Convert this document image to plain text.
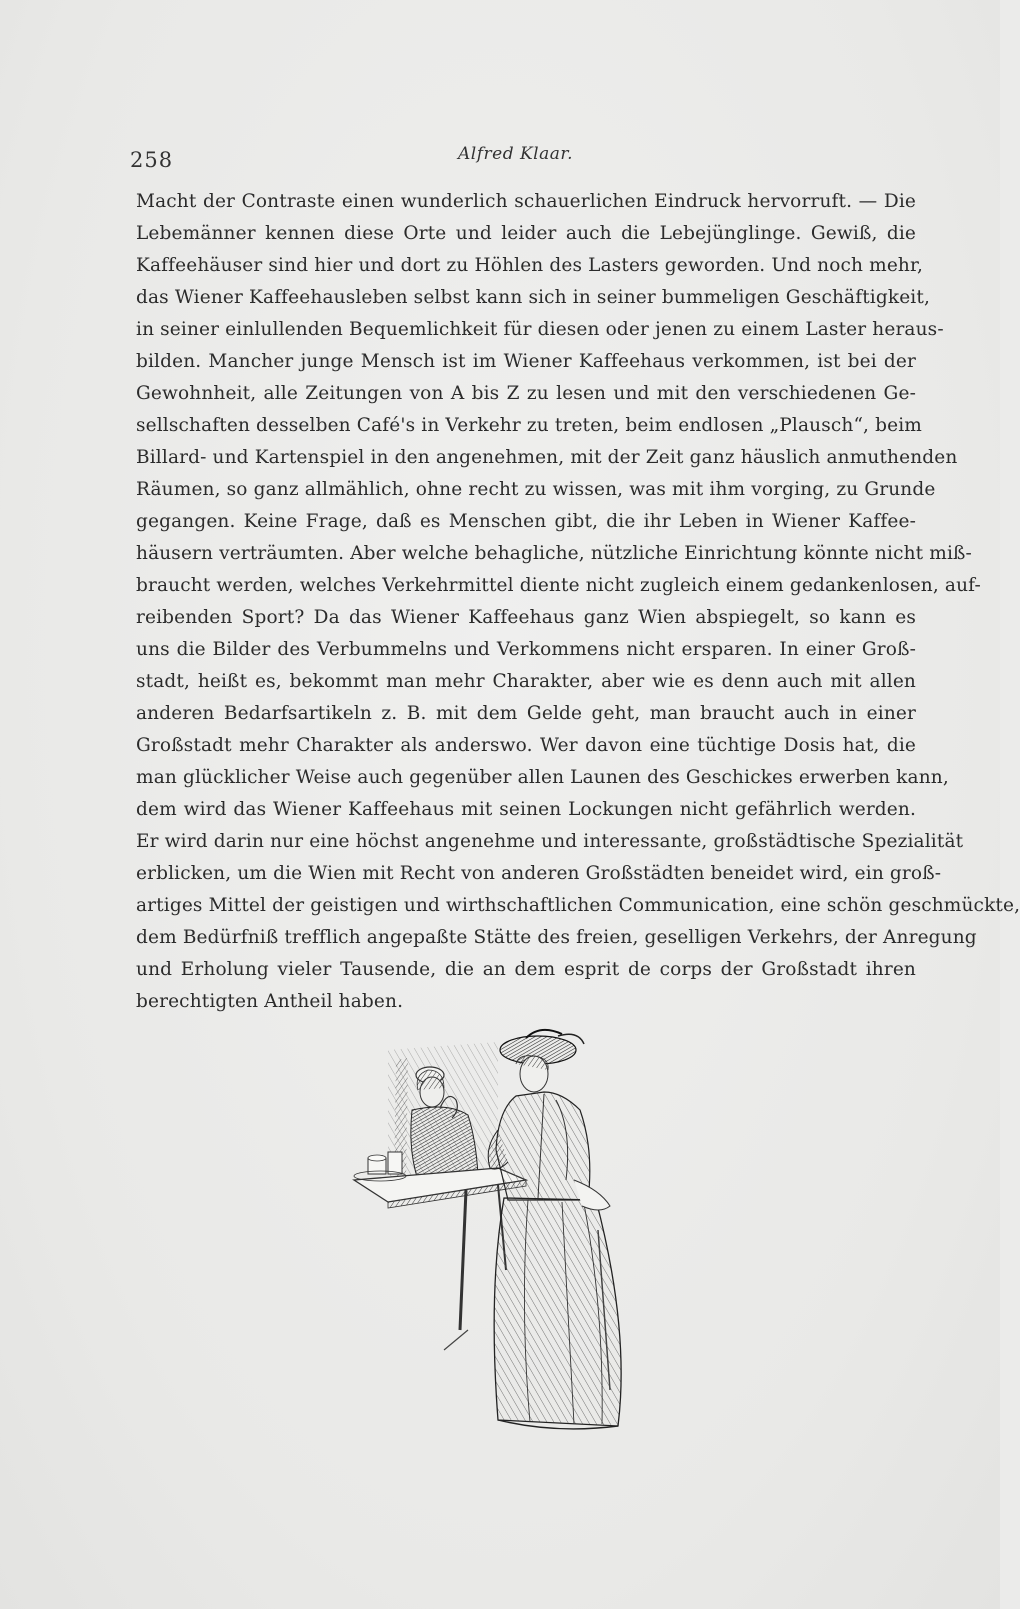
258	Alfred Klaar.
Macht der Contraste einen wunderlich schauerlichen Eindruck hervorruft. — Die
Lebemänner kennen diese Orte und leider auch die Lebejünglinge. Gewiß, die
Kaffeehäuser sind hier und dort zu Höhlen des Lasters geworden. Und noch mehr,
das Wiener Kaffeehausleben selbst kann sich in seiner bummeligen Geschäftigkeit,
in seiner einlullenden Bequemlichkeit für diesen oder jenen zu einem Laster heraus-
bilden. Mancher junge Mensch ist im Wiener Kaffeehaus verkommen, ist bei der
Gewohnheit, alle Zeitungen von A bis Z zu lesen und mit den verschiedenen Ge-
sellschaften desselben Café's in Verkehr zu treten, beim endlosen „Plausch“, beim
Billard- und Kartenspiel in den angenehmen, mit der Zeit ganz häuslich anmuthenden
Räumen, so ganz allmählich, ohne recht zu wissen, was mit ihm vorging, zu Grunde
gegangen. Keine Frage, daß es Menschen gibt, die ihr Leben in Wiener Kaffee-
häusern verträumten. Aber welche behagliche, nützliche Einrichtung könnte nicht miß-
braucht werden, welches Verkehrmittel diente nicht zugleich einem gedankenlosen, auf-
reibenden Sport? Da das Wiener Kaffeehaus ganz Wien abspiegelt, so kann es
uns die Bilder des Verbummelns und Verkommens nicht ersparen. In einer Groß-
stadt, heißt es, bekommt man mehr Charakter, aber wie es denn auch mit allen
anderen Bedarfsartikeln z. B. mit dem Gelde geht, man braucht auch in einer
Großstadt mehr Charakter als anderswo. Wer davon eine tüchtige Dosis hat, die
man glücklicher Weise auch gegenüber allen Launen des Geschickes erwerben kann,
dem wird das Wiener Kaffeehaus mit seinen Lockungen nicht gefährlich werden.
Er wird darin nur eine höchst angenehme und interessante, großstädtische Spezialität
erblicken, um die Wien mit Recht von anderen Großstädten beneidet wird, ein groß-
artiges Mittel der geistigen und wirthschaftlichen Communication, eine schön geschmückte,
dem Bedürfniß trefflich angepaßte Stätte des freien, geselligen Verkehrs, der Anregung
und Erholung vieler Tausende, die an dem esprit de corps der Großstadt ihren
berechtigten Antheil haben.
